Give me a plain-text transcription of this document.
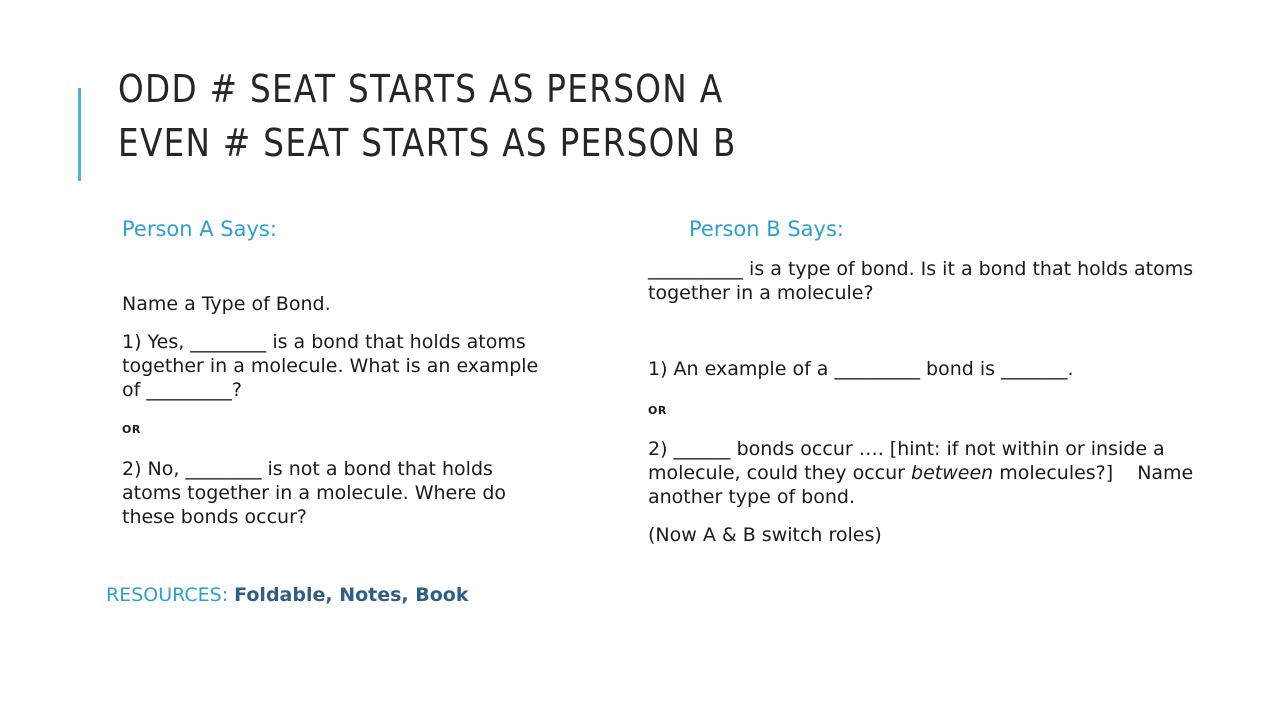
ODD # SEAT STARTS AS PERSON A
EVEN # SEAT STARTS AS PERSON B

Person A Says:

Name a Type of Bond.

1) Yes, ________ is a bond that holds atoms together in a molecule. What is an example of _________?

OR

2) No, ________ is not a bond that holds atoms together in a molecule. Where do these bonds occur?

Person B Says:

__________ is a type of bond. Is it a bond that holds atoms together in a molecule?

1) An example of a _________ bond is _______.

OR

2) ______ bonds occur …. [hint: if not within or inside a molecule, could they occur between molecules?] Name another type of bond.

(Now A & B switch roles)

RESOURCES: Foldable, Notes, Book
